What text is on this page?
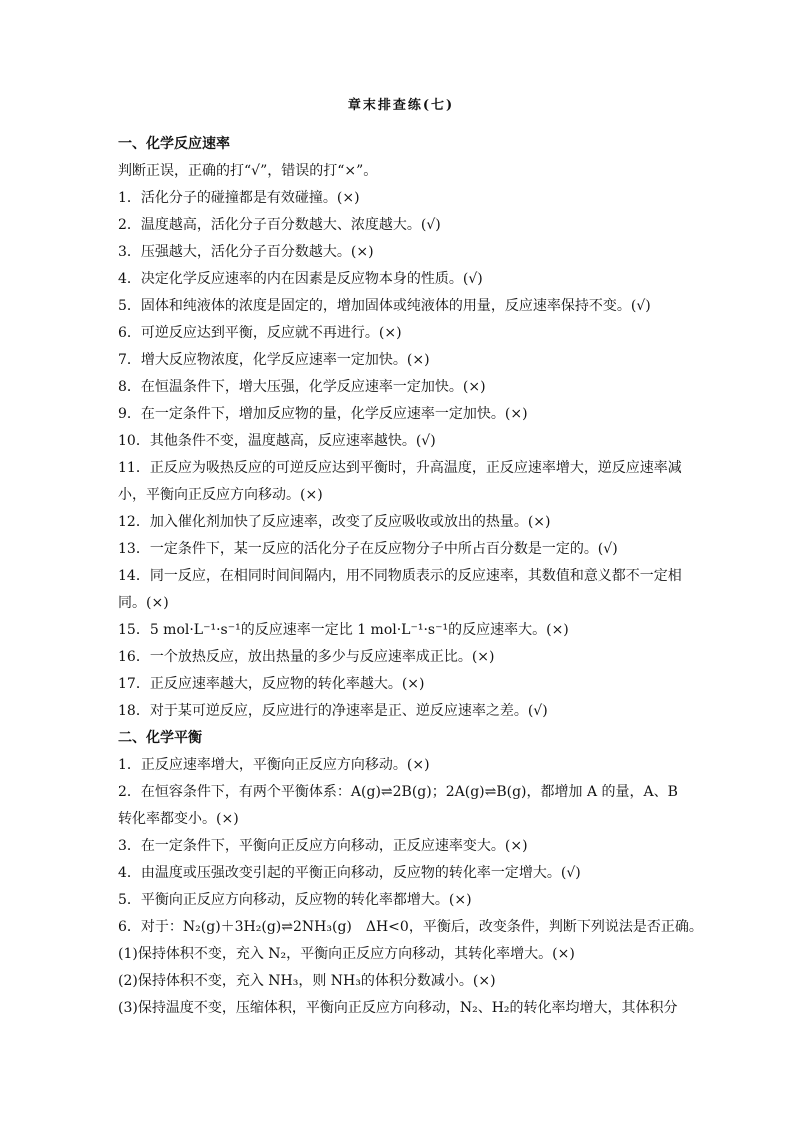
章末排查练(七)
一、化学反应速率
判断正误，正确的打“√”，错误的打“×”。
1．活化分子的碰撞都是有效碰撞。(×)
2．温度越高，活化分子百分数越大、浓度越大。(√)
3．压强越大，活化分子百分数越大。(×)
4．决定化学反应速率的内在因素是反应物本身的性质。(√)
5．固体和纯液体的浓度是固定的，增加固体或纯液体的用量，反应速率保持不变。(√)
6．可逆反应达到平衡，反应就不再进行。(×)
7．增大反应物浓度，化学反应速率一定加快。(×)
8．在恒温条件下，增大压强，化学反应速率一定加快。(×)
9．在一定条件下，增加反应物的量，化学反应速率一定加快。(×)
10．其他条件不变，温度越高，反应速率越快。(√)
11．正反应为吸热反应的可逆反应达到平衡时，升高温度，正反应速率增大，逆反应速率减
小，平衡向正反应方向移动。(×)
12．加入催化剂加快了反应速率，改变了反应吸收或放出的热量。(×)
13．一定条件下，某一反应的活化分子在反应物分子中所占百分数是一定的。(√)
14．同一反应，在相同时间间隔内，用不同物质表示的反应速率，其数值和意义都不一定相
同。(×)
15．5 mol·L⁻¹·s⁻¹的反应速率一定比 1 mol·L⁻¹·s⁻¹的反应速率大。(×)
16．一个放热反应，放出热量的多少与反应速率成正比。(×)
17．正反应速率越大，反应物的转化率越大。(×)
18．对于某可逆反应，反应进行的净速率是正、逆反应速率之差。(√)
二、化学平衡
1．正反应速率增大，平衡向正反应方向移动。(×)
2．在恒容条件下，有两个平衡体系：A(g)⇌2B(g)；2A(g)⇌B(g)，都增加 A 的量，A、B
转化率都变小。(×)
3．在一定条件下，平衡向正反应方向移动，正反应速率变大。(×)
4．由温度或压强改变引起的平衡正向移动，反应物的转化率一定增大。(√)
5．平衡向正反应方向移动，反应物的转化率都增大。(×)
6．对于：N₂(g)＋3H₂(g)⇌2NH₃(g)　ΔH<0，平衡后，改变条件，判断下列说法是否正确。
(1)保持体积不变，充入 N₂，平衡向正反应方向移动，其转化率增大。(×)
(2)保持体积不变，充入 NH₃，则 NH₃的体积分数减小。(×)
(3)保持温度不变，压缩体积，平衡向正反应方向移动，N₂、H₂的转化率均增大，其体积分
